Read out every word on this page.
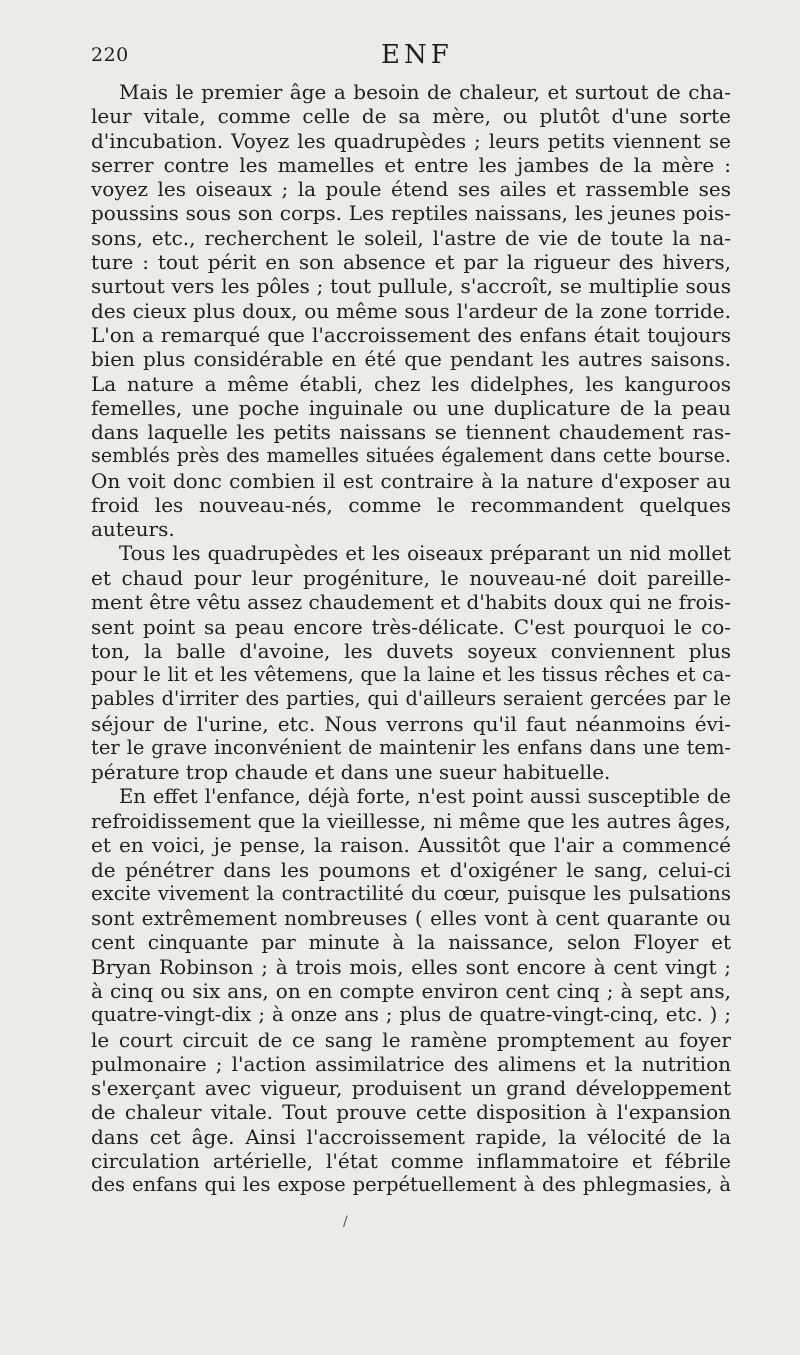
220	ENF
Mais le premier âge a besoin de chaleur, et surtout de cha-
leur vitale, comme celle de sa mère, ou plutôt d'une sorte
d'incubation. Voyez les quadrupèdes ; leurs petits viennent se
serrer contre les mamelles et entre les jambes de la mère :
voyez les oiseaux ; la poule étend ses ailes et rassemble ses
poussins sous son corps. Les reptiles naissans, les jeunes pois-
sons, etc., recherchent le soleil, l'astre de vie de toute la na-
ture : tout périt en son absence et par la rigueur des hivers,
surtout vers les pôles ; tout pullule, s'accroît, se multiplie sous
des cieux plus doux, ou même sous l'ardeur de la zone torride.
L'on a remarqué que l'accroissement des enfans était toujours
bien plus considérable en été que pendant les autres saisons.
La nature a même établi, chez les didelphes, les kanguroos
femelles, une poche inguinale ou une duplicature de la peau
dans laquelle les petits naissans se tiennent chaudement ras-
semblés près des mamelles situées également dans cette bourse.
On voit donc combien il est contraire à la nature d'exposer au
froid les nouveau-nés, comme le recommandent quelques
auteurs.
Tous les quadrupèdes et les oiseaux préparant un nid mollet
et chaud pour leur progéniture, le nouveau-né doit pareille-
ment être vêtu assez chaudement et d'habits doux qui ne frois-
sent point sa peau encore très-délicate. C'est pourquoi le co-
ton, la balle d'avoine, les duvets soyeux conviennent plus
pour le lit et les vêtemens, que la laine et les tissus rêches et ca-
pables d'irriter des parties, qui d'ailleurs seraient gercées par le
séjour de l'urine, etc. Nous verrons qu'il faut néanmoins évi-
ter le grave inconvénient de maintenir les enfans dans une tem-
pérature trop chaude et dans une sueur habituelle.
En effet l'enfance, déjà forte, n'est point aussi susceptible de
refroidissement que la vieillesse, ni même que les autres âges,
et en voici, je pense, la raison. Aussitôt que l'air a commencé
de pénétrer dans les poumons et d'oxigéner le sang, celui-ci
excite vivement la contractilité du cœur, puisque les pulsations
sont extrêmement nombreuses ( elles vont à cent quarante ou
cent cinquante par minute à la naissance, selon Floyer et
Bryan Robinson ; à trois mois, elles sont encore à cent vingt ;
à cinq ou six ans, on en compte environ cent cinq ; à sept ans,
quatre-vingt-dix ; à onze ans ; plus de quatre-vingt-cinq, etc. ) ;
le court circuit de ce sang le ramène promptement au foyer
pulmonaire ; l'action assimilatrice des alimens et la nutrition
s'exerçant avec vigueur, produisent un grand développement
de chaleur vitale. Tout prouve cette disposition à l'expansion
dans cet âge. Ainsi l'accroissement rapide, la vélocité de la
circulation artérielle, l'état comme inflammatoire et fébrile
des enfans qui les expose perpétuellement à des phlegmasies, à
/
